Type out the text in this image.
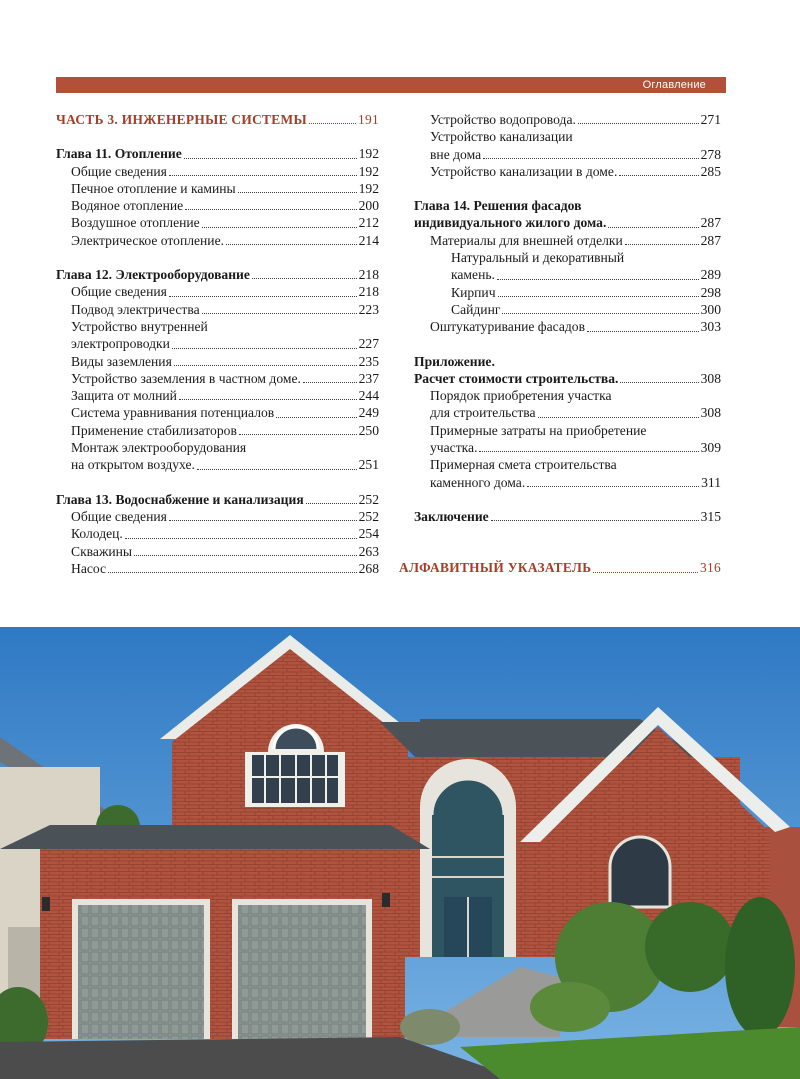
Оглавление
ЧАСТЬ 3. ИНЖЕНЕРНЫЕ СИСТЕМЫ	191
Глава 11. Отопление	192
Общие сведения	192
Печное отопление и камины	192
Водяное отопление	200
Воздушное отопление	212
Электрическое отопление.	214
Глава 12. Электрооборудование	218
Общие сведения	218
Подвод электричества	223
Устройство внутренней
электропроводки	227
Виды заземления	235
Устройство заземления в частном доме.	237
Защита от молний	244
Система уравнивания потенциалов	249
Применение стабилизаторов	250
Монтаж электрооборудования
на открытом воздухе.	251
Глава 13. Водоснабжение и канализация	252
Общие сведения	252
Колодец.	254
Скважины	263
Насос	268
Устройство водопровода.	271
Устройство канализации
вне дома	278
Устройство канализации в доме.	285
Глава 14. Решения фасадов
индивидуального жилого дома.	287
Материалы для внешней отделки	287
Натуральный и декоративный
камень.	289
Кирпич	298
Сайдинг	300
Оштукатуривание фасадов	303
Приложение.
Расчет стоимости строительства.	308
Порядок приобретения участка
для строительства	308
Примерные затраты на приобретение
участка.	309
Примерная смета строительства
каменного дома.	311
Заключение	315
АЛФАВИТНЫЙ УКАЗАТЕЛЬ	316
